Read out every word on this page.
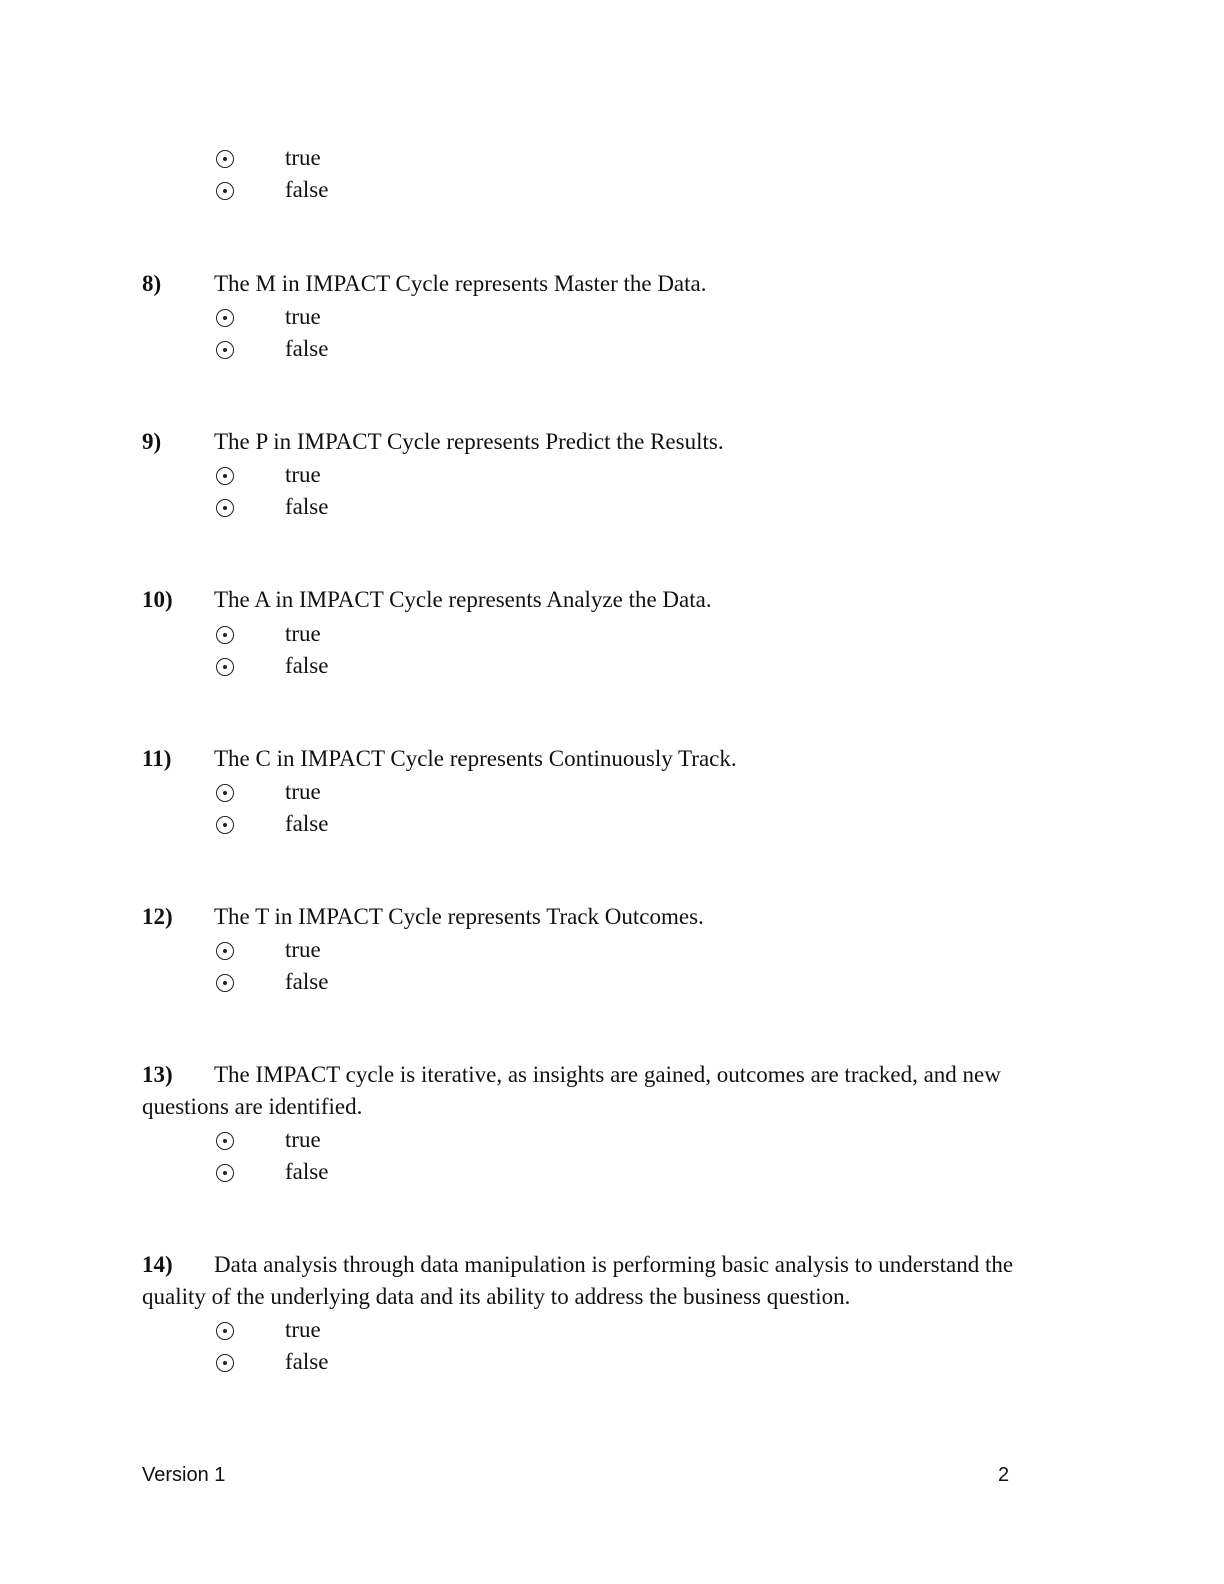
true
false
8) The M in IMPACT Cycle represents Master the Data.
true
false
9) The P in IMPACT Cycle represents Predict the Results.
true
false
10) The A in IMPACT Cycle represents Analyze the Data.
true
false
11) The C in IMPACT Cycle represents Continuously Track.
true
false
12) The T in IMPACT Cycle represents Track Outcomes.
true
false
13) The IMPACT cycle is iterative, as insights are gained, outcomes are tracked, and new questions are identified.
true
false
14) Data analysis through data manipulation is performing basic analysis to understand the quality of the underlying data and its ability to address the business question.
true
false
Version 1	2
